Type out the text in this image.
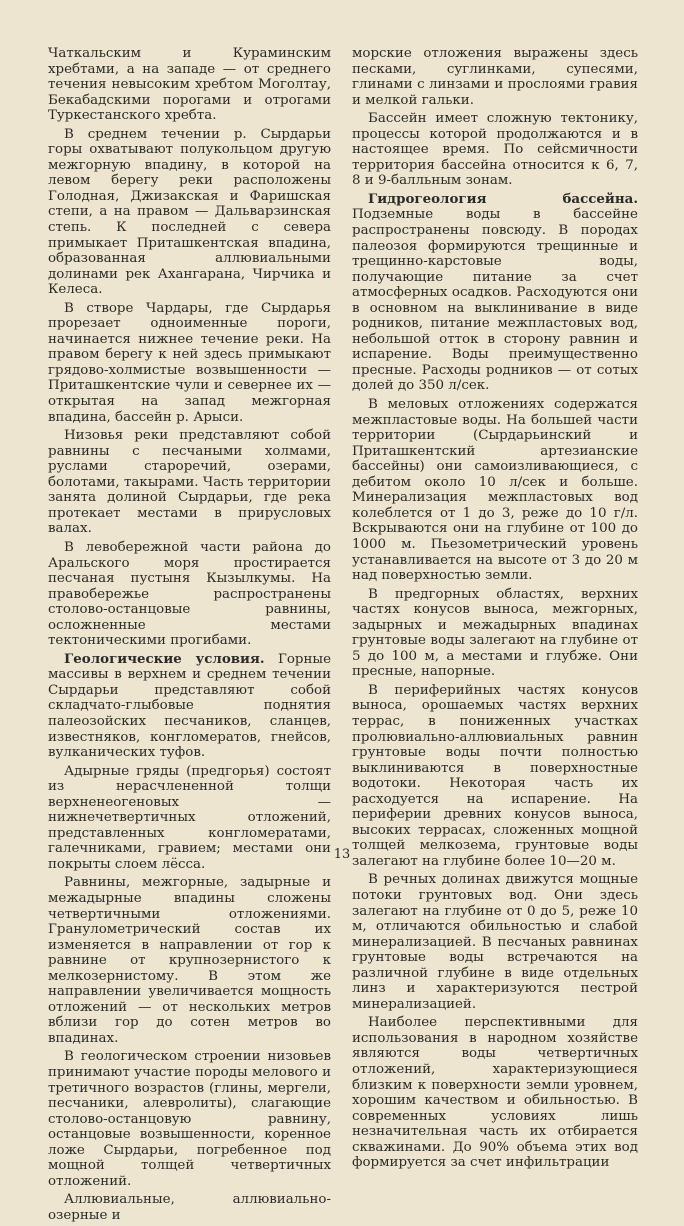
Чаткальским и Кураминским хребтами, а на западе — от среднего течения невысоким хребтом Моголтау, Бекабадскими порогами и отрогами Туркестанского хребта.

В среднем течении р. Сырдарьи горы охватывают полукольцом другую межгорную впадину, в которой на левом берегу реки расположены Голодная, Джизакская и Фаришская степи, а на правом — Дальварзинская степь. К последней с севера примыкает Приташкентская впадина, образованная аллювиальными долинами рек Ахангарана, Чирчика и Келеса.

В створе Чардары, где Сырдарья прорезает одноименные пороги, начинается нижнее течение реки. На правом берегу к ней здесь примыкают грядово-холмистые возвышенности — Приташкентские чули и севернее их — открытая на запад межгорная впадина, бассейн р. Арыси.

Низовья реки представляют собой равнины с песчаными холмами, руслами староречий, озерами, болотами, такырами. Часть территории занята долиной Сырдарьи, где река протекает местами в прирусловых валах.

В левобережной части района до Аральского моря простирается песчаная пустыня Кызылкумы. На правобережье распространены столово-останцовые равнины, осложненные местами тектоническими прогибами.

Геологические условия. Горные массивы в верхнем и среднем течении Сырдарьи представляют собой складчато-глыбовые поднятия палеозойских песчаников, сланцев, известняков, конгломератов, гнейсов, вулканических туфов.

Адырные гряды (предгорья) состоят из нерасчлененной толщи верхненеогеновых — нижнечетвертичных отложений, представленных конгломератами, галечниками, гравием; местами они покрыты слоем лёсса.

Равнины, межгорные, задырные и межадырные впадины сложены четвертичными отложениями. Гранулометрический состав их изменяется в направлении от гор к равнине от крупнозернистого к мелкозернистому. В этом же направлении увеличивается мощность отложений — от нескольких метров вблизи гор до сотен метров во впадинах.

В геологическом строении низовьев принимают участие породы мелового и третичного возрастов (глины, мергели, песчаники, алевролиты), слагающие столово-останцовую равнину, останцовые возвышенности, коренное ложе Сырдарьи, погребенное под мощной толщей четвертичных отложений.

Аллювиальные, аллювиально-озерные и

морские отложения выражены здесь песками, суглинками, супесями, глинами с линзами и прослоями гравия и мелкой гальки.

Бассейн имеет сложную тектонику, процессы которой продолжаются и в настоящее время. По сейсмичности территория бассейна относится к 6, 7, 8 и 9-балльным зонам.

Гидрогеология бассейна. Подземные воды в бассейне распространены повсюду. В породах палеозоя формируются трещинные и трещинно-карстовые воды, получающие питание за счет атмосферных осадков. Расходуются они в основном на выклинивание в виде родников, питание межпластовых вод, небольшой отток в сторону равнин и испарение. Воды преимущественно пресные. Расходы родников — от сотых долей до 350 л/сек.

В меловых отложениях содержатся межпластовые воды. На большей части территории (Сырдарьинский и Приташкентский артезианские бассейны) они самоизливающиеся, с дебитом около 10 л/сек и больше. Минерализация межпластовых вод колеблется от 1 до 3, реже до 10 г/л. Вскрываются они на глубине от 100 до 1000 м. Пьезометрический уровень устанавливается на высоте от 3 до 20 м над поверхностью земли.

В предгорных областях, верхних частях конусов выноса, межгорных, задырных и межадырных впадинах грунтовые воды залегают на глубине от 5 до 100 м, а местами и глубже. Они пресные, напорные.

В периферийных частях конусов выноса, орошаемых частях верхних террас, в пониженных участках пролювиально-аллювиальных равнин грунтовые воды почти полностью выклиниваются в поверхностные водотоки. Некоторая часть их расходуется на испарение. На периферии древних конусов выноса, высоких террасах, сложенных мощной толщей мелкозема, грунтовые воды залегают на глубине более 10—20 м.

В речных долинах движутся мощные потоки грунтовых вод. Они здесь залегают на глубине от 0 до 5, реже 10 м, отличаются обильностью и слабой минерализацией. В песчаных равнинах грунтовые воды встречаются на различной глубине в виде отдельных линз и характеризуются пестрой минерализацией.

Наиболее перспективными для использования в народном хозяйстве являются воды четвертичных отложений, характеризующиеся близким к поверхности земли уровнем, хорошим качеством и обильностью. В современных условиях лишь незначительная часть их отбирается скважинами. До 90% объема этих вод формируется за счет инфильтрации

13
